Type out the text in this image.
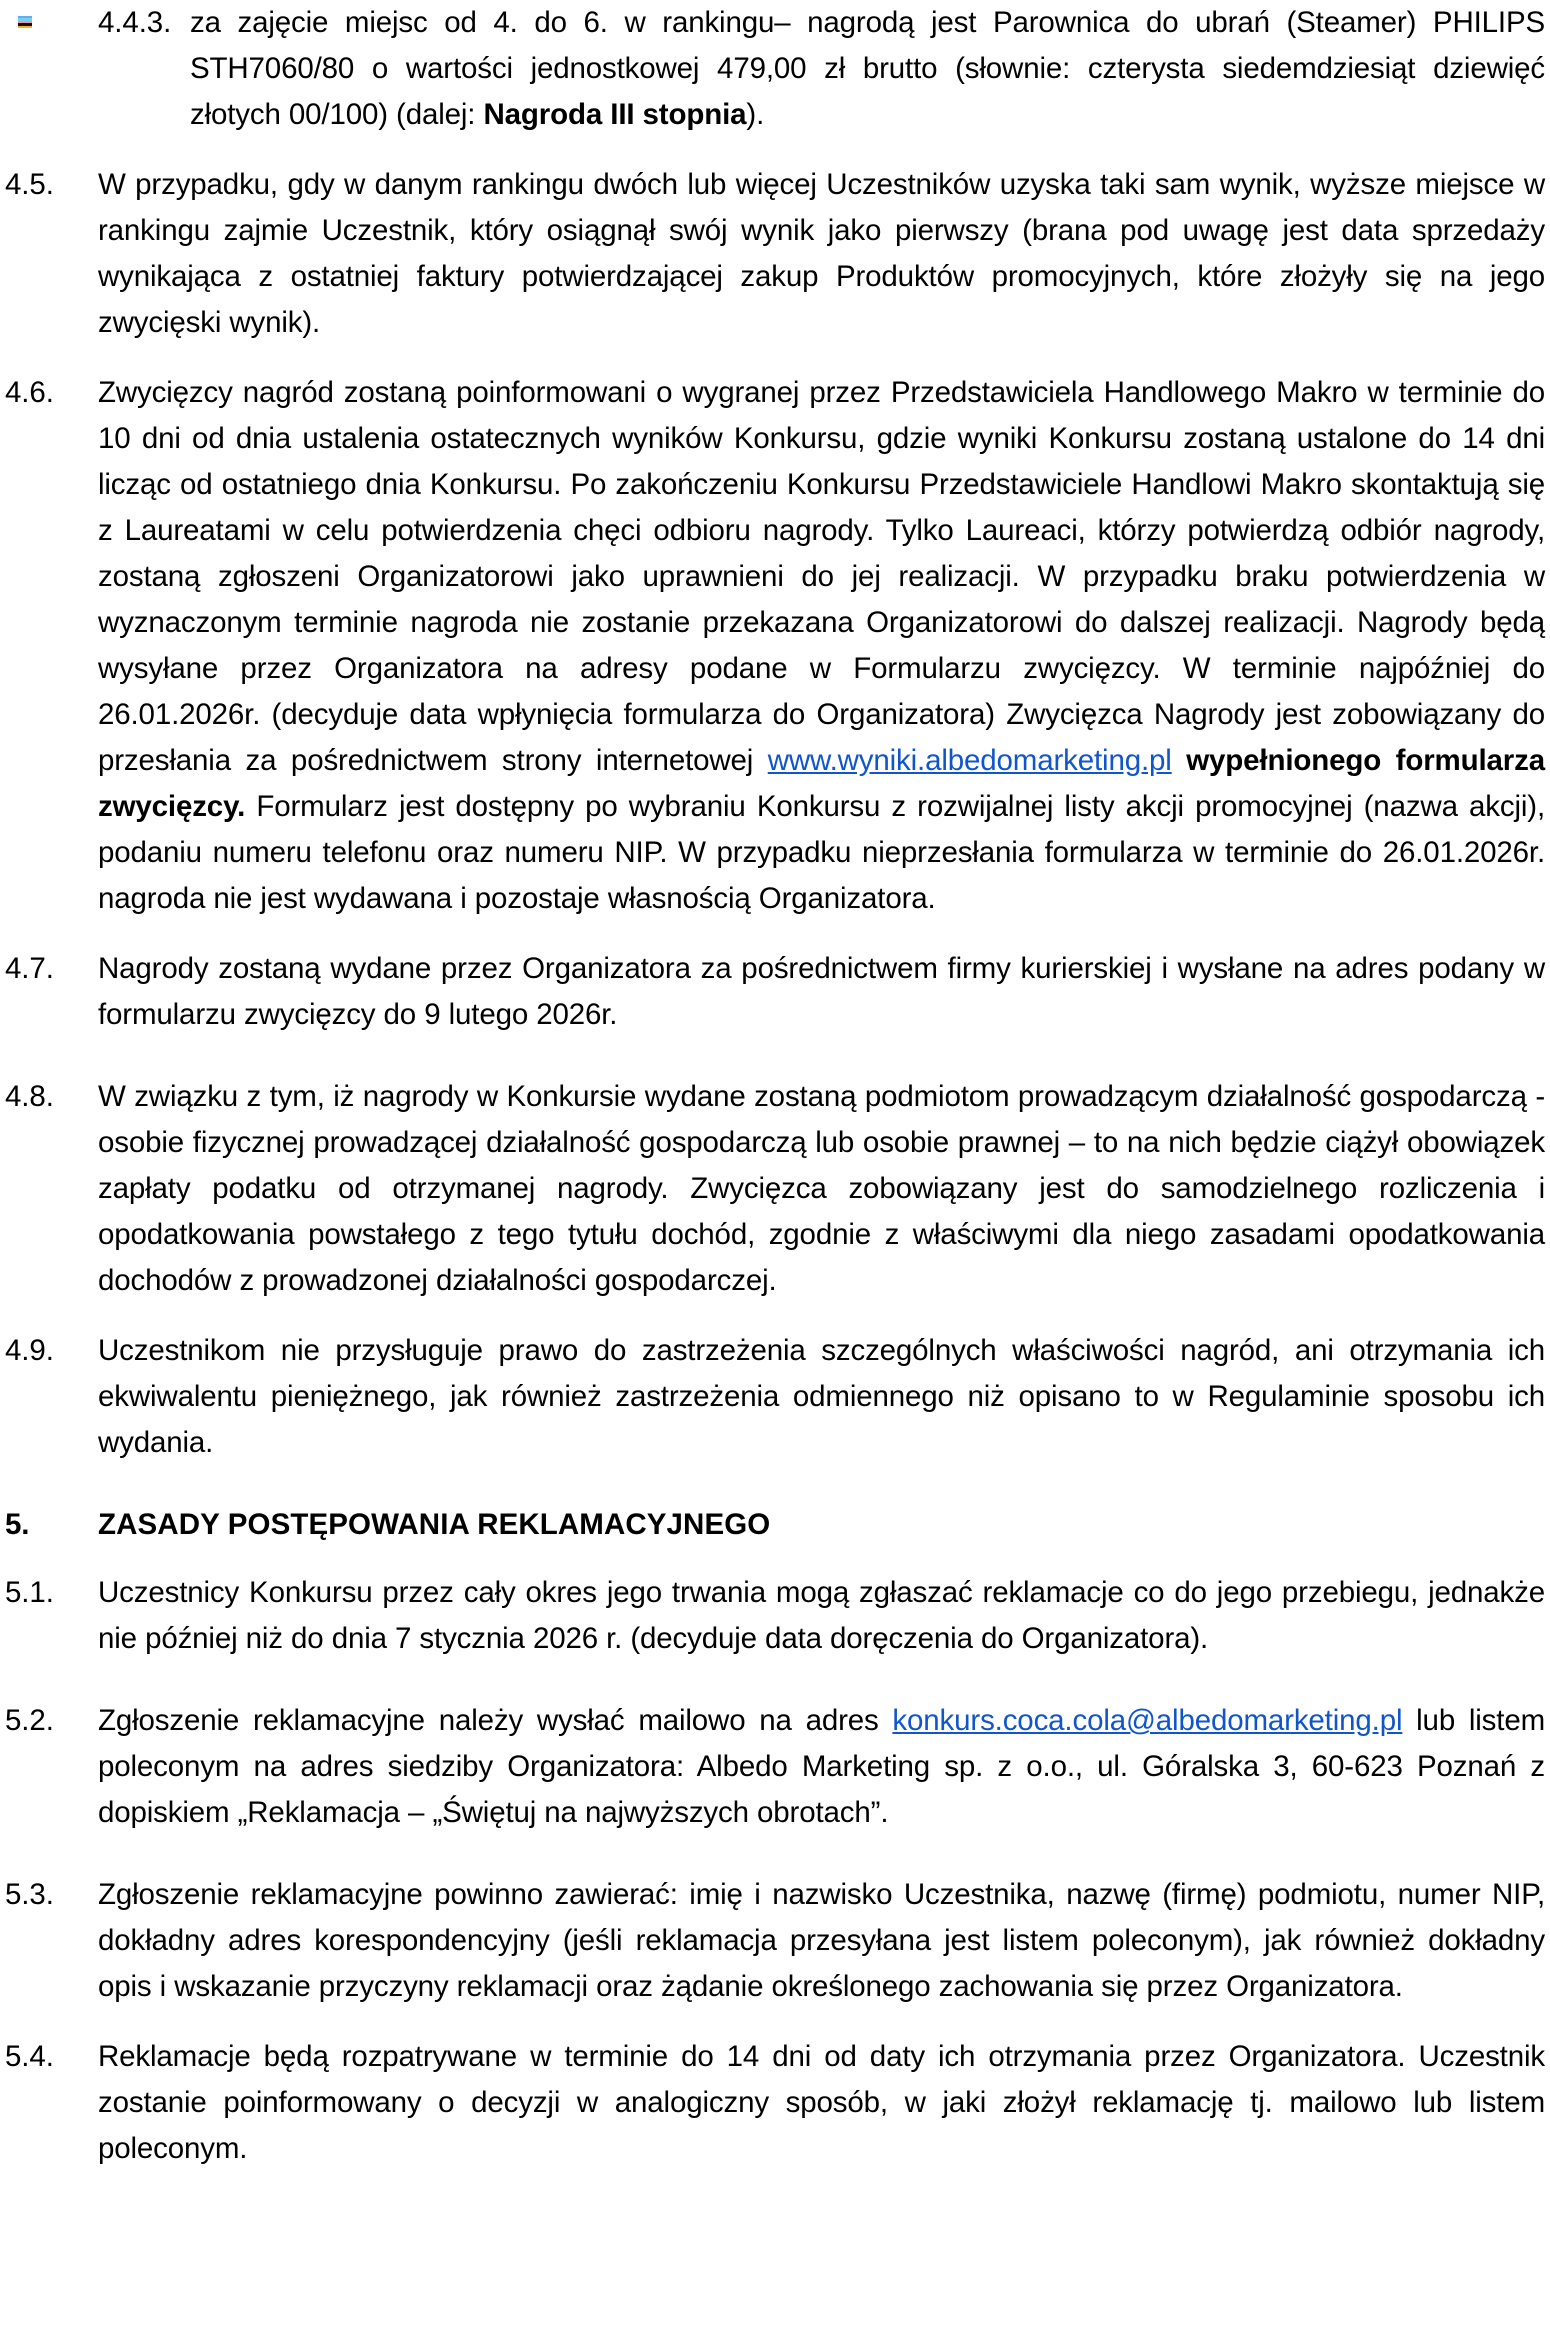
4.4.3. za zajęcie miejsc od 4. do 6. w rankingu– nagrodą jest Parownica do ubrań (Steamer) PHILIPS STH7060/80 o wartości jednostkowej 479,00 zł brutto (słownie: czterysta siedemdziesiąt dziewięć złotych 00/100) (dalej: Nagroda III stopnia).
4.5.	W przypadku, gdy w danym rankingu dwóch lub więcej Uczestników uzyska taki sam wynik, wyższe miejsce w rankingu zajmie Uczestnik, który osiągnął swój wynik jako pierwszy (brana pod uwagę jest data sprzedaży wynikająca z ostatniej faktury potwierdzającej zakup Produktów promocyjnych, które złożyły się na jego zwycięski wynik).
4.6.	Zwycięzcy nagród zostaną poinformowani o wygranej przez Przedstawiciela Handlowego Makro w terminie do 10 dni od dnia ustalenia ostatecznych wyników Konkursu, gdzie wyniki Konkursu zostaną ustalone do 14 dni licząc od ostatniego dnia Konkursu. Po zakończeniu Konkursu Przedstawiciele Handlowi Makro skontaktują się z Laureatami w celu potwierdzenia chęci odbioru nagrody. Tylko Laureaci, którzy potwierdzą odbiór nagrody, zostaną zgłoszeni Organizatorowi jako uprawnieni do jej realizacji. W przypadku braku potwierdzenia w wyznaczonym terminie nagroda nie zostanie przekazana Organizatorowi do dalszej realizacji. Nagrody będą wysyłane przez Organizatora na adresy podane w Formularzu zwycięzcy. W terminie najpóźniej do 26.01.2026r. (decyduje data wpłynięcia formularza do Organizatora) Zwycięzca Nagrody jest zobowiązany do przesłania za pośrednictwem strony internetowej www.wyniki.albedomarketing.pl wypełnionego formularza zwycięzcy. Formularz jest dostępny po wybraniu Konkursu z rozwijalnej listy akcji promocyjnej (nazwa akcji), podaniu numeru telefonu oraz numeru NIP. W przypadku nieprzesłania formularza w terminie do 26.01.2026r. nagroda nie jest wydawana i pozostaje własnością Organizatora.
4.7.	Nagrody zostaną wydane przez Organizatora za pośrednictwem firmy kurierskiej i wysłane na adres podany w formularzu zwycięzcy do 9 lutego 2026r.
4.8.	W związku z tym, iż nagrody w Konkursie wydane zostaną podmiotom prowadzącym działalność gospodarczą - osobie fizycznej prowadzącej działalność gospodarczą lub osobie prawnej – to na nich będzie ciążył obowiązek zapłaty podatku od otrzymanej nagrody. Zwycięzca zobowiązany jest do samodzielnego rozliczenia i opodatkowania powstałego z tego tytułu dochód, zgodnie z właściwymi dla niego zasadami opodatkowania dochodów z prowadzonej działalności gospodarczej.
4.9.	Uczestnikom nie przysługuje prawo do zastrzeżenia szczególnych właściwości nagród, ani otrzymania ich ekwiwalentu pieniężnego, jak również zastrzeżenia odmiennego niż opisano to w Regulaminie sposobu ich wydania.
5.	ZASADY POSTĘPOWANIA REKLAMACYJNEGO
5.1.	Uczestnicy Konkursu przez cały okres jego trwania mogą zgłaszać reklamacje co do jego przebiegu, jednakże nie później niż do dnia 7 stycznia 2026 r. (decyduje data doręczenia do Organizatora).
5.2.	Zgłoszenie reklamacyjne należy wysłać mailowo na adres konkurs.coca.cola@albedomarketing.pl lub listem poleconym na adres siedziby Organizatora: Albedo Marketing sp. z o.o., ul. Góralska 3, 60-623 Poznań z dopiskiem „Reklamacja – „Świętuj na najwyższych obrotach”.
5.3.	Zgłoszenie reklamacyjne powinno zawierać: imię i nazwisko Uczestnika, nazwę (firmę) podmiotu, numer NIP, dokładny adres korespondencyjny (jeśli reklamacja przesyłana jest listem poleconym), jak również dokładny opis i wskazanie przyczyny reklamacji oraz żądanie określonego zachowania się przez Organizatora.
5.4.	Reklamacje będą rozpatrywane w terminie do 14 dni od daty ich otrzymania przez Organizatora. Uczestnik zostanie poinformowany o decyzji w analogiczny sposób, w jaki złożył reklamację tj. mailowo lub listem poleconym.
